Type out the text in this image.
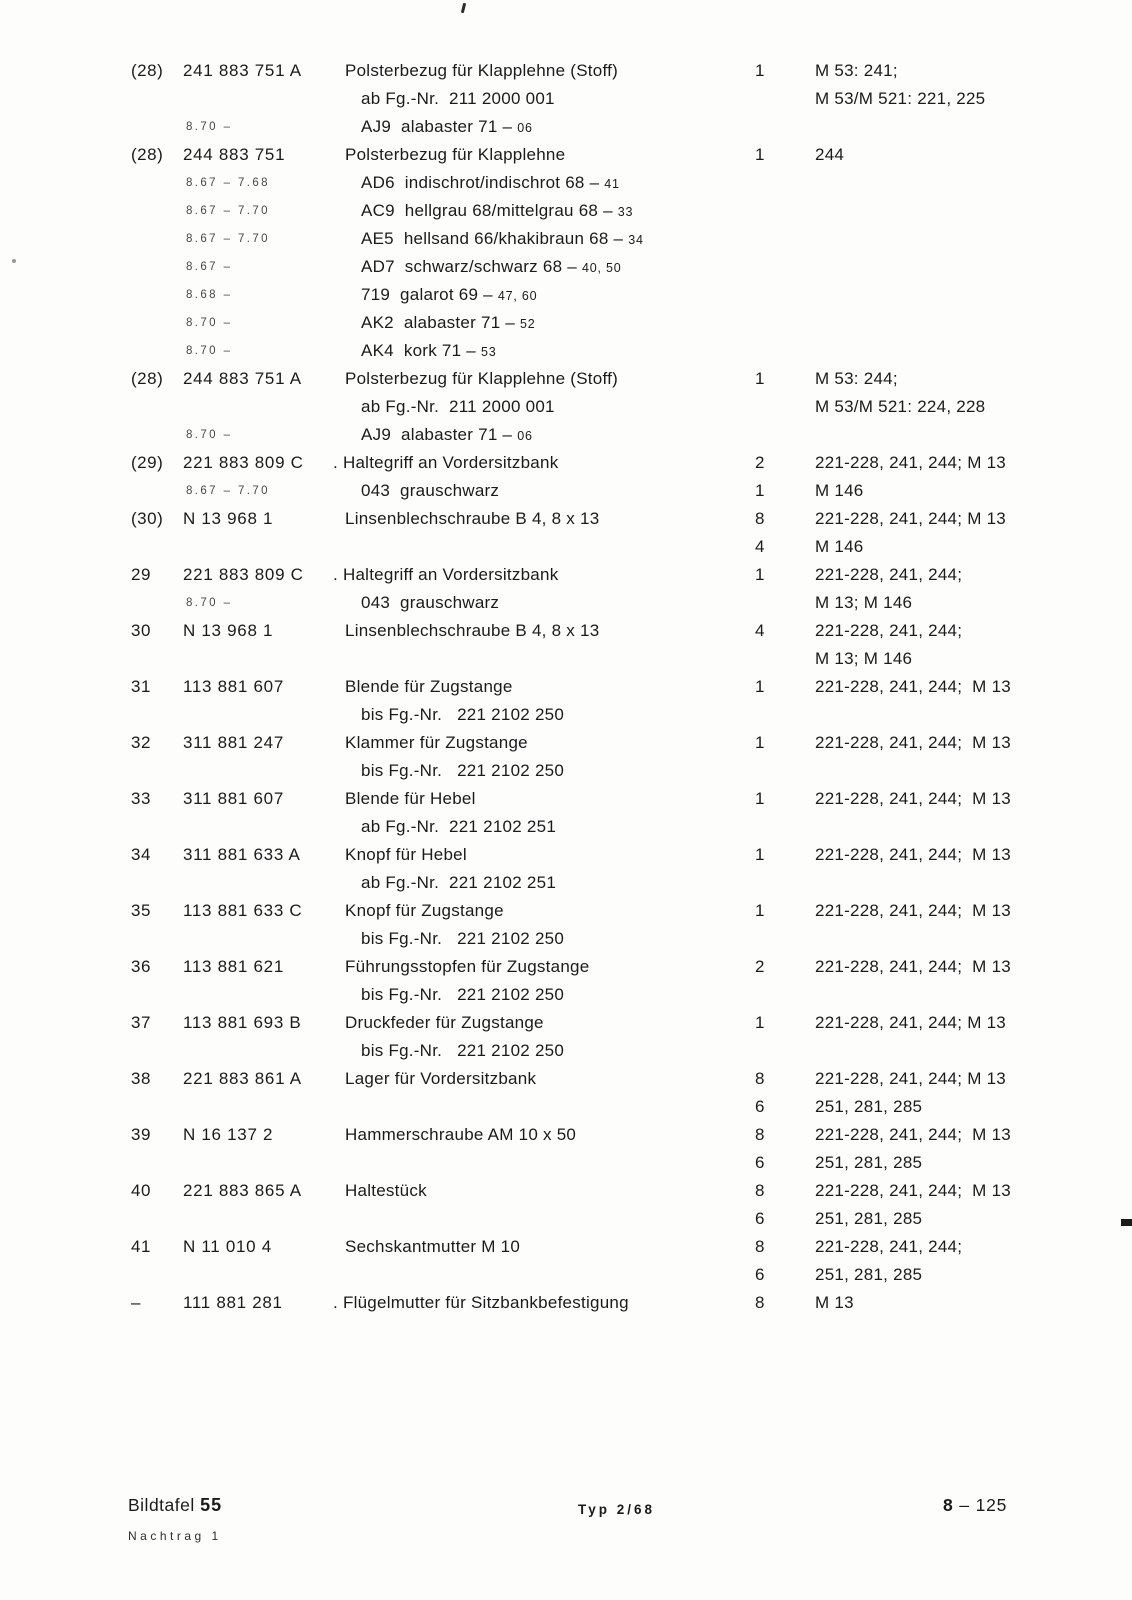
(28) 241 883 751 A	Polsterbezug für Klapplehne (Stoff)	1	M 53: 241;
ab Fg.-Nr.  211 2000 001	M 53/M 521: 221, 225
8.70 –	AJ9  alabaster 71 – 06
(28) 244 883 751	Polsterbezug für Klapplehne	1	244
8.67 – 7.68	AD6  indischrot/indischrot 68 – 41
8.67 – 7.70	AC9  hellgrau 68/mittelgrau 68 – 33
8.67 – 7.70	AE5  hellsand 66/khakibraun 68 – 34
8.67 –	AD7  schwarz/schwarz 68 – 40, 50
8.68 –	719  galarot 69 – 47, 60
8.70 –	AK2  alabaster 71 – 52
8.70 –	AK4  kork 71 – 53
(28) 244 883 751 A	Polsterbezug für Klapplehne (Stoff)	1	M 53: 244;
ab Fg.-Nr.  211 2000 001	M 53/M 521: 224, 228
8.70 –	AJ9  alabaster 71 – 06
(29) 221 883 809 C . Haltegriff an Vordersitzbank	2	221-228, 241, 244; M 13
8.67 – 7.70	043  grauschwarz	1	M 146
(30) N 13 968 1	Linsenblechschraube B 4, 8 x 13	8	221-228, 241, 244; M 13
4	M 146
29 221 883 809 C . Haltegriff an Vordersitzbank	1	221-228, 241, 244;
8.70 –	043  grauschwarz	M 13; M 146
30 N 13 968 1	Linsenblechschraube B 4, 8 x 13	4	221-228, 241, 244;
M 13; M 146
31 113 881 607	Blende für Zugstange	1	221-228, 241, 244;  M 13
bis Fg.-Nr.   221 2102 250
32 311 881 247	Klammer für Zugstange	1	221-228, 241, 244;  M 13
bis Fg.-Nr.   221 2102 250
33 311 881 607	Blende für Hebel	1	221-228, 241, 244;  M 13
ab Fg.-Nr.  221 2102 251
34 311 881 633 A	Knopf für Hebel	1	221-228, 241, 244;  M 13
ab Fg.-Nr.  221 2102 251
35 113 881 633 C	Knopf für Zugstange	1	221-228, 241, 244;  M 13
bis Fg.-Nr.   221 2102 250
36 113 881 621	Führungsstopfen für Zugstange	2	221-228, 241, 244;  M 13
bis Fg.-Nr.   221 2102 250
37 113 881 693 B	Druckfeder für Zugstange	1	221-228, 241, 244; M 13
bis Fg.-Nr.   221 2102 250
38 221 883 861 A	Lager für Vordersitzbank	8	221-228, 241, 244; M 13
6	251, 281, 285
39 N 16 137 2	Hammerschraube AM 10 x 50	8	221-228, 241, 244;  M 13
6	251, 281, 285
40 221 883 865 A	Haltestück	8	221-228, 241, 244;  M 13
6	251, 281, 285
41 N 11 010 4	Sechskantmutter M 10	8	221-228, 241, 244;
6	251, 281, 285
– 111 881 281	. Flügelmutter für Sitzbankbefestigung	8	M 13
Bildtafel 55
Nachtrag 1
Typ 2/68	8 – 125
